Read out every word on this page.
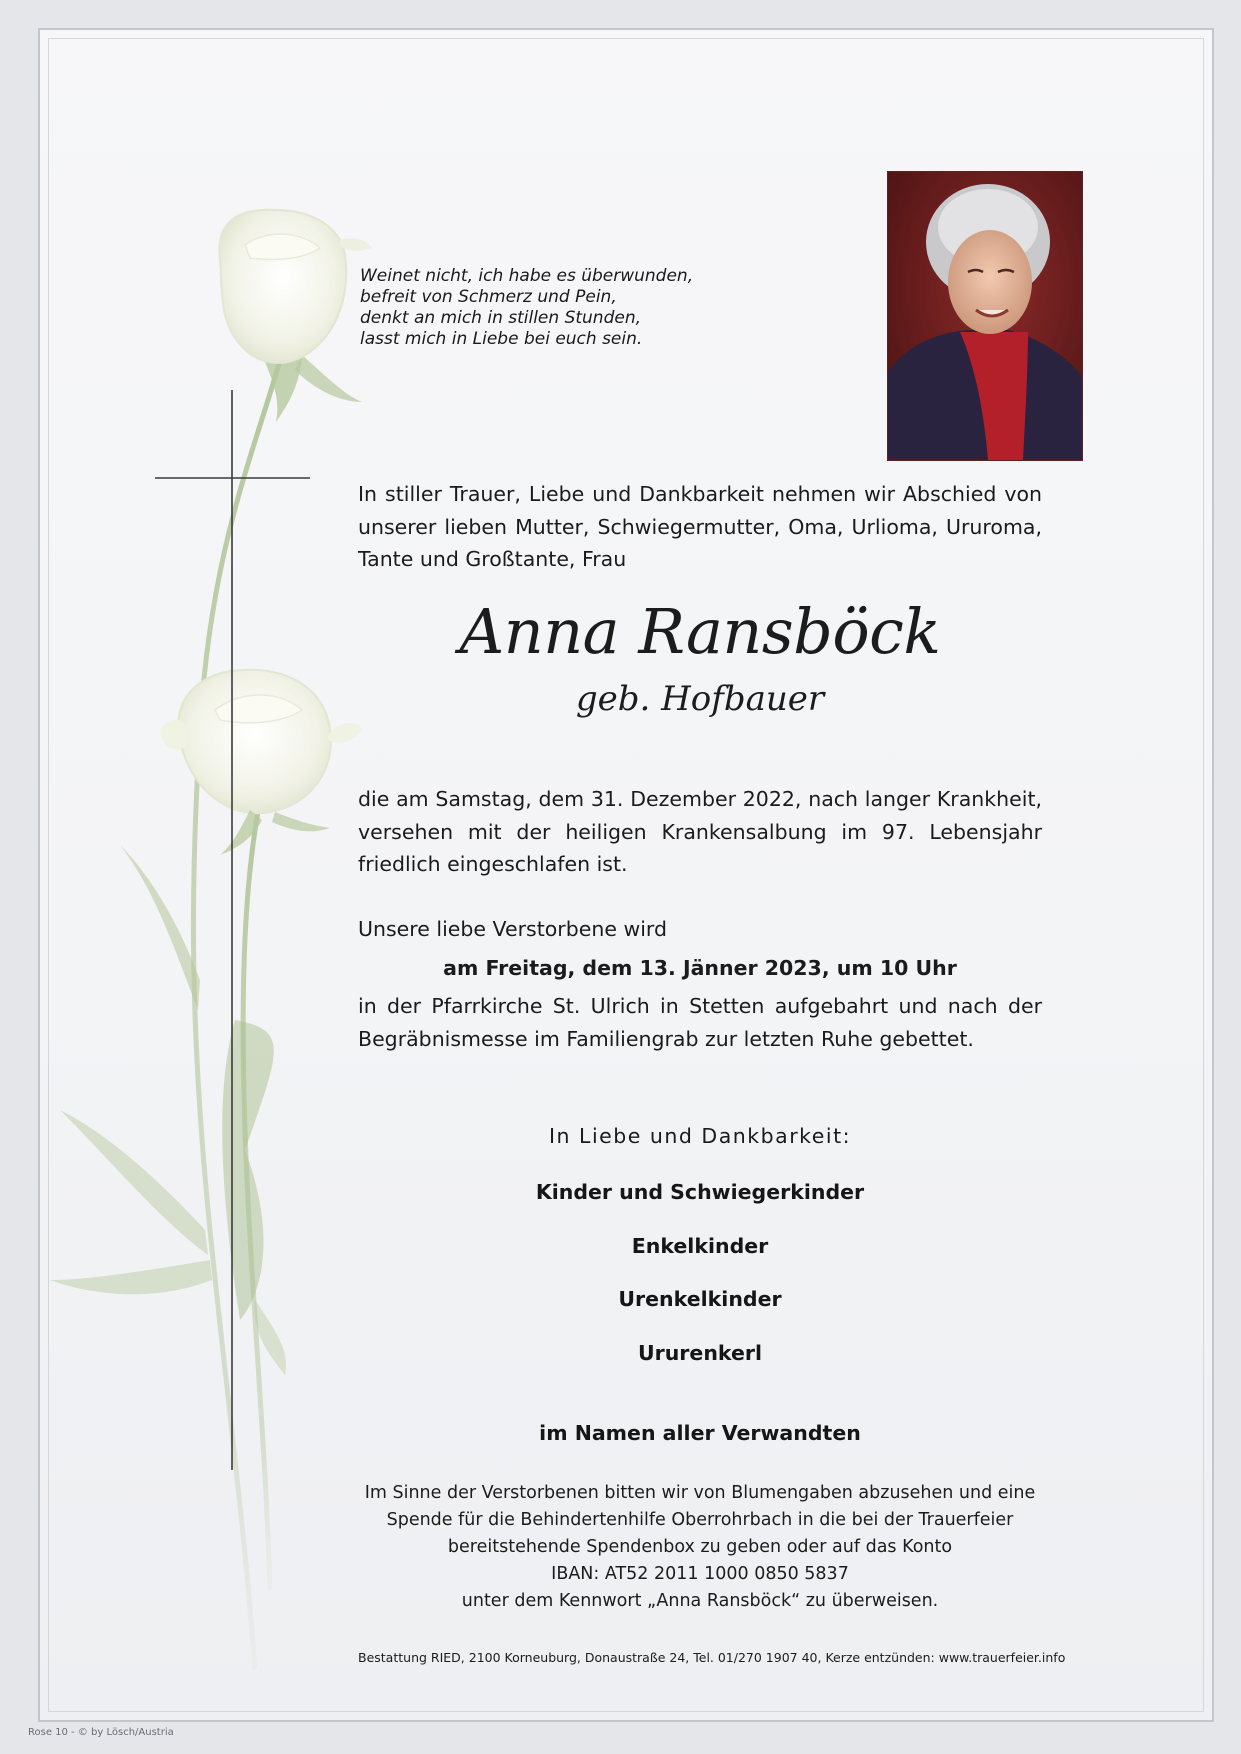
Weinet nicht, ich habe es überwunden,
befreit von Schmerz und Pein,
denkt an mich in stillen Stunden,
lasst mich in Liebe bei euch sein.
In stiller Trauer, Liebe und Dankbarkeit nehmen wir Abschied von unserer lieben Mutter, Schwiegermutter, Oma, Urlioma, Ururoma, Tante und Großtante, Frau
Anna Ransböck
geb. Hofbauer
die am Samstag, dem 31. Dezember 2022, nach langer Krankheit, versehen mit der heiligen Krankensalbung im 97. Lebensjahr friedlich eingeschlafen ist.
Unsere liebe Verstorbene wird
am Freitag, dem 13. Jänner 2023, um 10 Uhr
in der Pfarrkirche St. Ulrich in Stetten aufgebahrt und nach der Begräbnismesse im Familiengrab zur letzten Ruhe gebettet.
In Liebe und Dankbarkeit:
Kinder und Schwiegerkinder
Enkelkinder
Urenkelkinder
Ururenkerl
im Namen aller Verwandten
Im Sinne der Verstorbenen bitten wir von Blumengaben abzusehen und eine
Spende für die Behindertenhilfe Oberrohrbach in die bei der Trauerfeier
bereitstehende Spendenbox zu geben oder auf das Konto
IBAN: AT52 2011 1000 0850 5837
unter dem Kennwort „Anna Ransböck“ zu überweisen.
Bestattung RIED, 2100 Korneuburg, Donaustraße 24, Tel. 01/270 1907 40, Kerze entzünden: www.trauerfeier.info
Rose 10 - © by Lösch/Austria
